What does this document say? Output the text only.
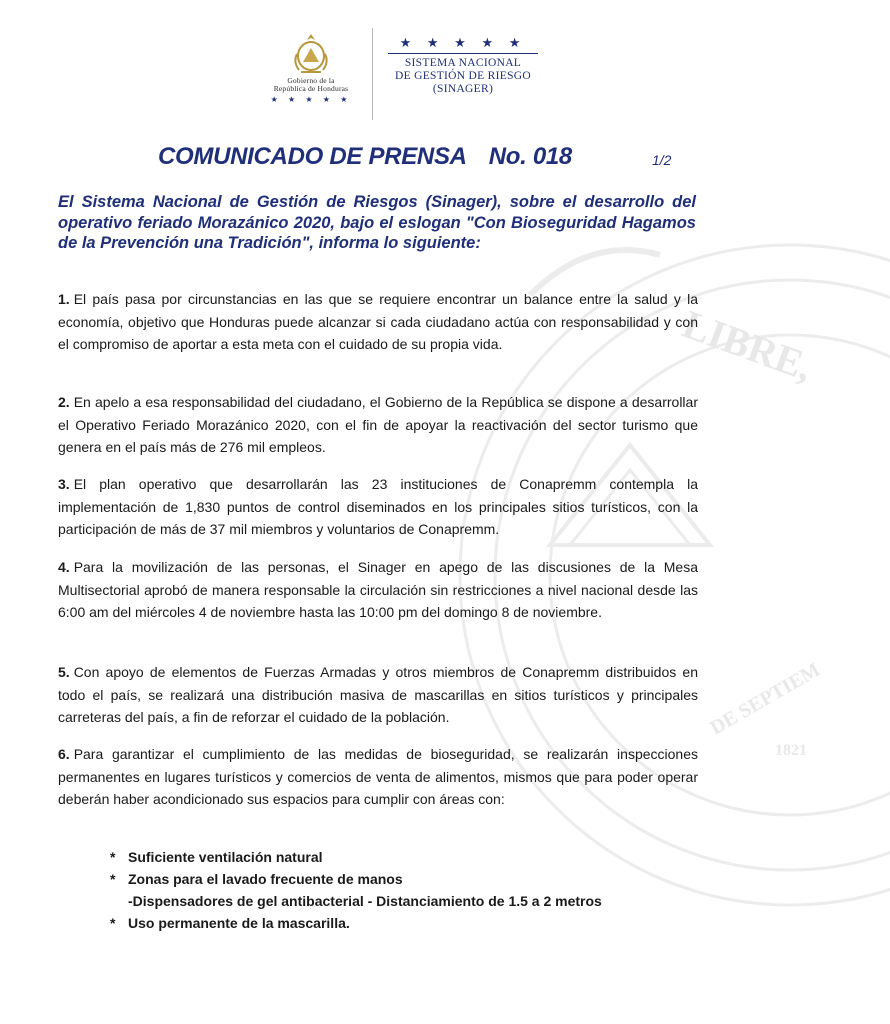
LIBRE,
DE SEPTIEM
1821
Gobierno de la
República de Honduras
★ ★ ★ ★ ★
★ ★ ★ ★ ★
SISTEMA NACIONAL
DE GESTIÓN DE RIESGO
(SINAGER)
COMUNICADO DE PRENSA No. 018	1/2
El Sistema Nacional de Gestión de Riesgos (Sinager), sobre el desarrollo del operativo feriado Morazánico 2020, bajo el eslogan "Con Bioseguridad Hagamos de la Prevención una Tradición", informa lo siguiente:
1. El país pasa por circunstancias en las que se requiere encontrar un balance entre la salud y la economía, objetivo que Honduras puede alcanzar si cada ciudadano actúa con responsabilidad y con el compromiso de aportar a esta meta con el cuidado de su propia vida.
2. En apelo a esa responsabilidad del ciudadano, el Gobierno de la República se dispone a desarrollar el Operativo Feriado Morazánico 2020, con el fin de apoyar la reactivación del sector turismo que genera en el país más de 276 mil empleos.
3. El plan operativo que desarrollarán las 23 instituciones de Conapremm contempla la implementación de 1,830 puntos de control diseminados en los principales sitios turísticos, con la participación de más de 37 mil miembros y voluntarios de Conapremm.
4. Para la movilización de las personas, el Sinager en apego de las discusiones de la Mesa Multisectorial aprobó de manera responsable la circulación sin restricciones a nivel nacional desde las 6:00 am del miércoles 4 de noviembre hasta las 10:00 pm del domingo 8 de noviembre.
5. Con apoyo de elementos de Fuerzas Armadas y otros miembros de Conapremm distribuidos en todo el país, se realizará una distribución masiva de mascarillas en sitios turísticos y principales carreteras del país, a fin de reforzar el cuidado de la población.
6. Para garantizar el cumplimiento de las medidas de bioseguridad, se realizarán inspecciones permanentes en lugares turísticos y comercios de venta de alimentos, mismos que para poder operar deberán haber acondicionado sus espacios para cumplir con áreas con:
* Suficiente ventilación natural
* Zonas para el lavado frecuente de manos
-Dispensadores de gel antibacterial - Distanciamiento de 1.5 a 2 metros
* Uso permanente de la mascarilla.
